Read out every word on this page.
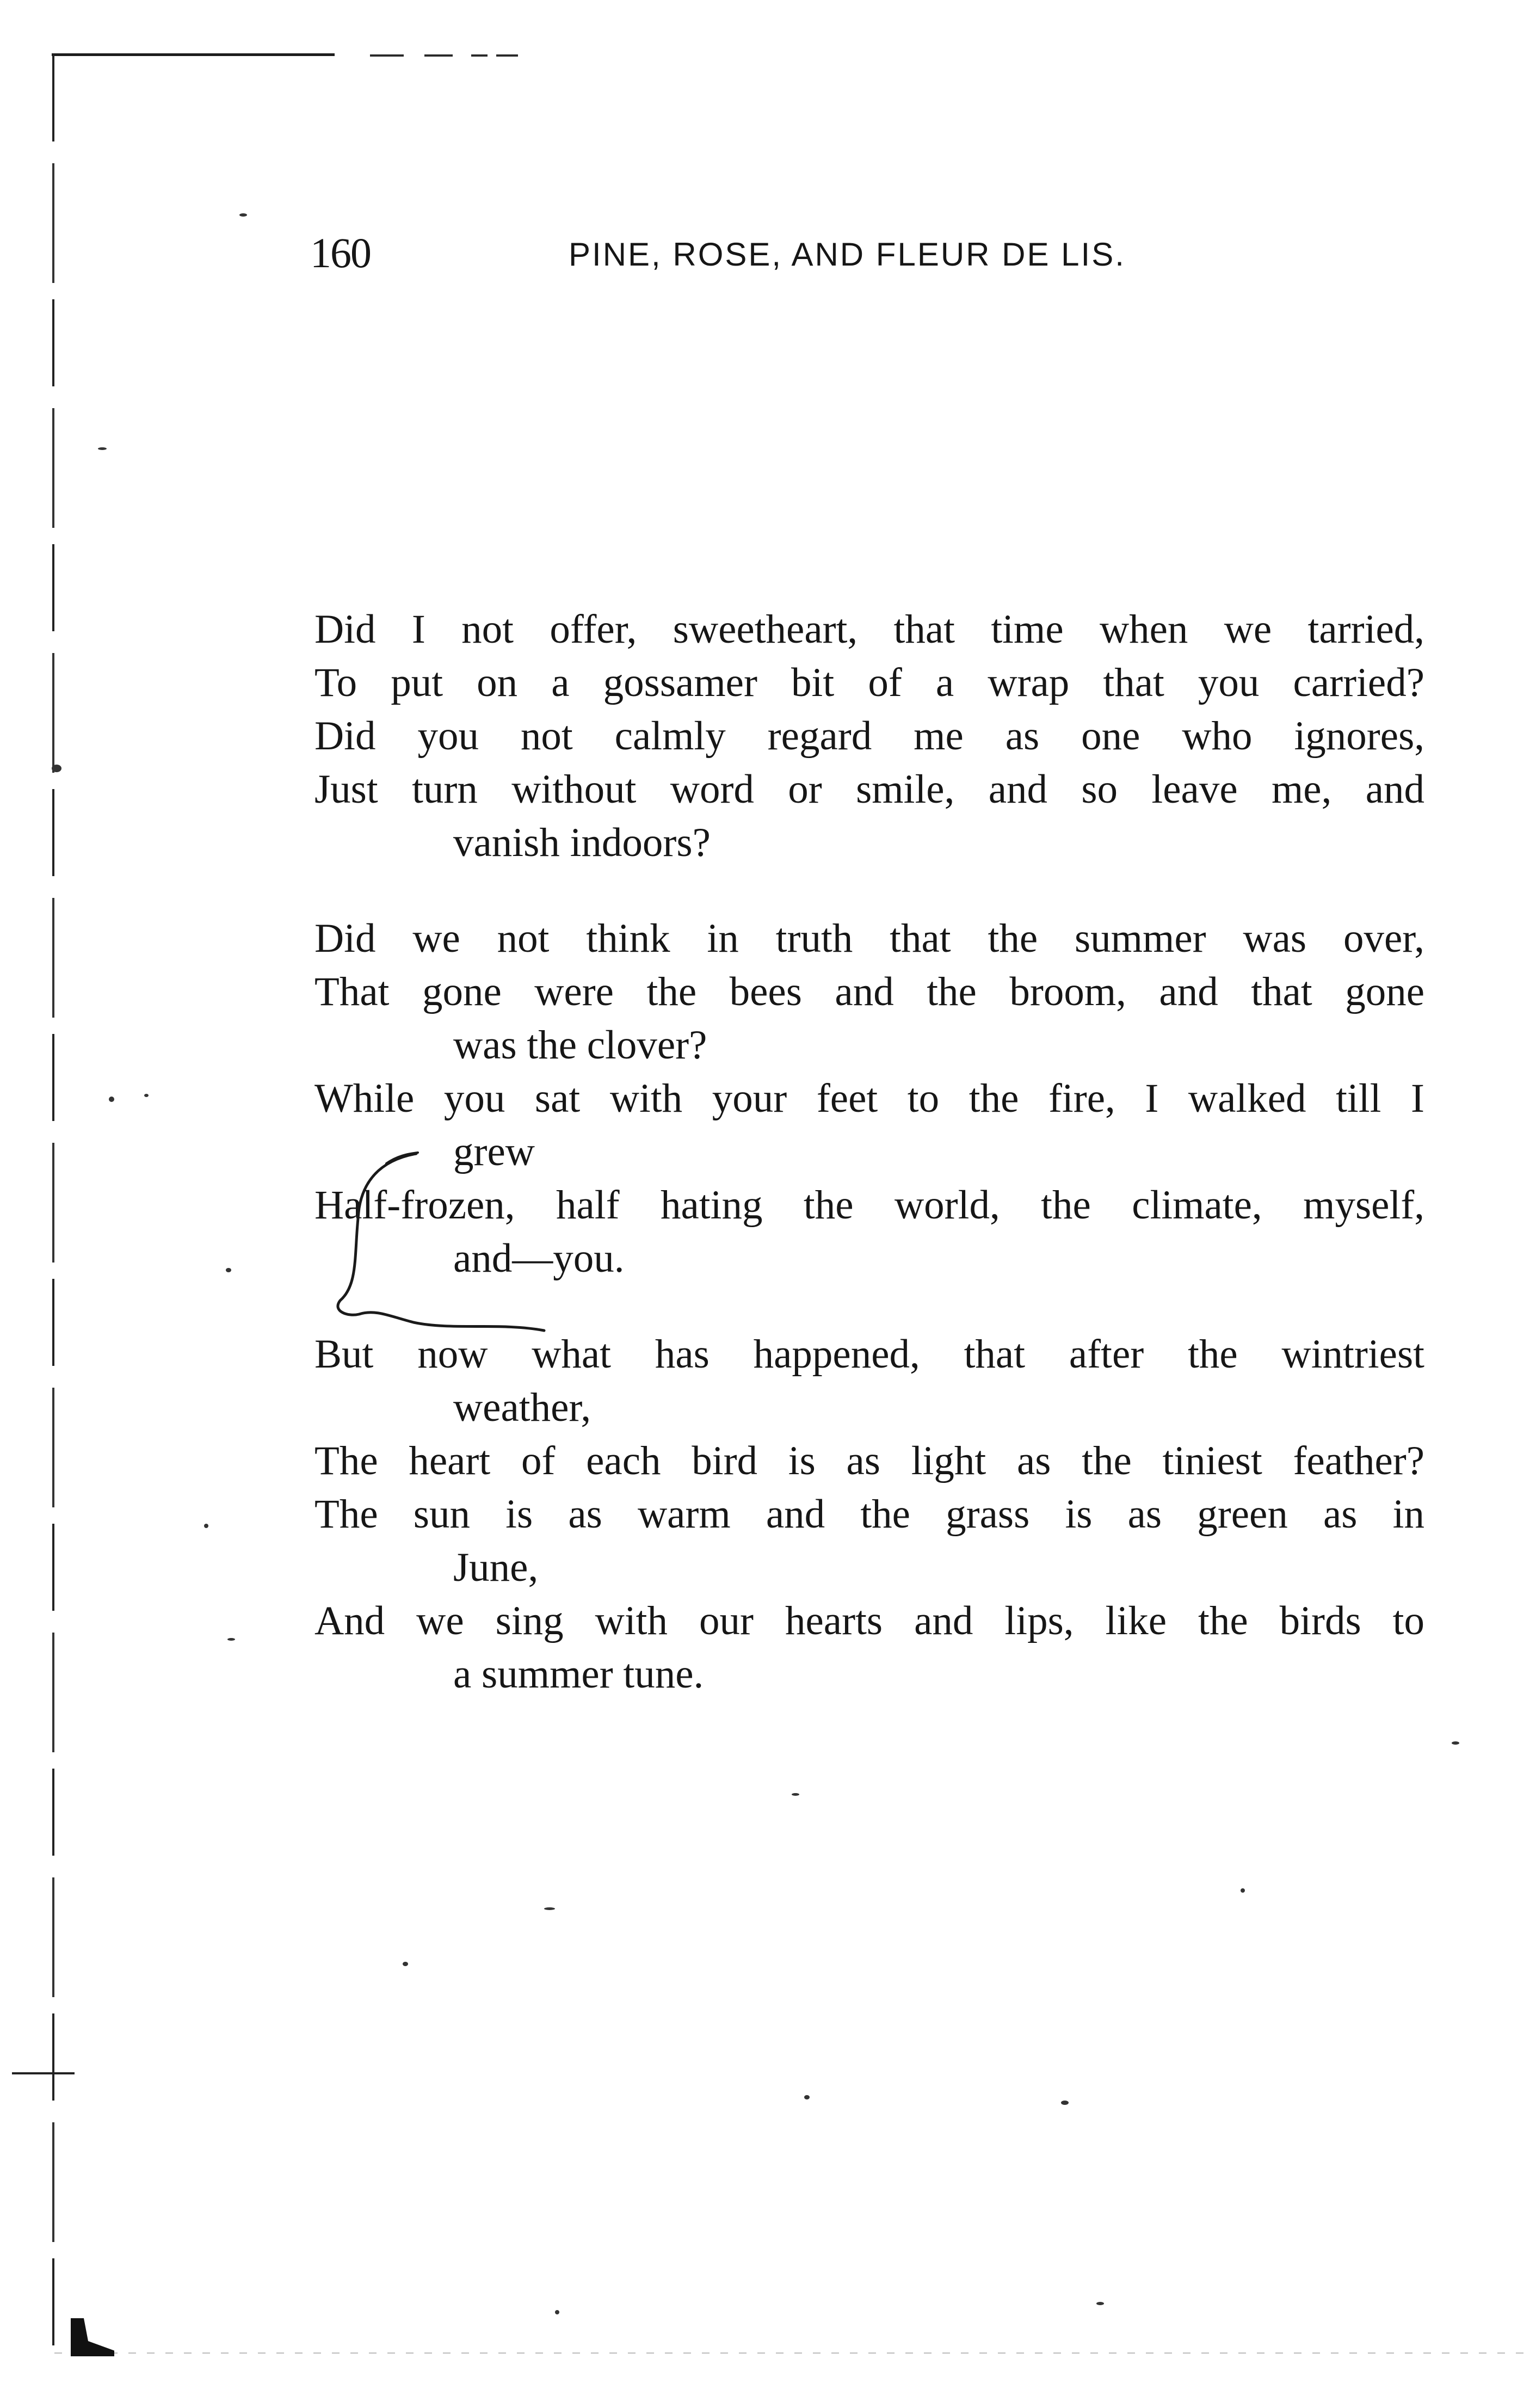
160	PINE, ROSE, AND FLEUR DE LIS.
Did I not offer, sweetheart, that time when we tarried,
To put on a gossamer bit of a wrap that you carried?
Did you not calmly regard me as one who ignores,
Just turn without word or smile, and so leave me, and
vanish indoors?
Did we not think in truth that the summer was over,
That gone were the bees and the broom, and that gone
was the clover?
While you sat with your feet to the fire, I walked till I
grew
Half-frozen, half hating the world, the climate, myself,
and—you.
But now what has happened, that after the wintriest
weather,
The heart of each bird is as light as the tiniest feather?
The sun is as warm and the grass is as green as in
June,
And we sing with our hearts and lips, like the birds to
a summer tune.
